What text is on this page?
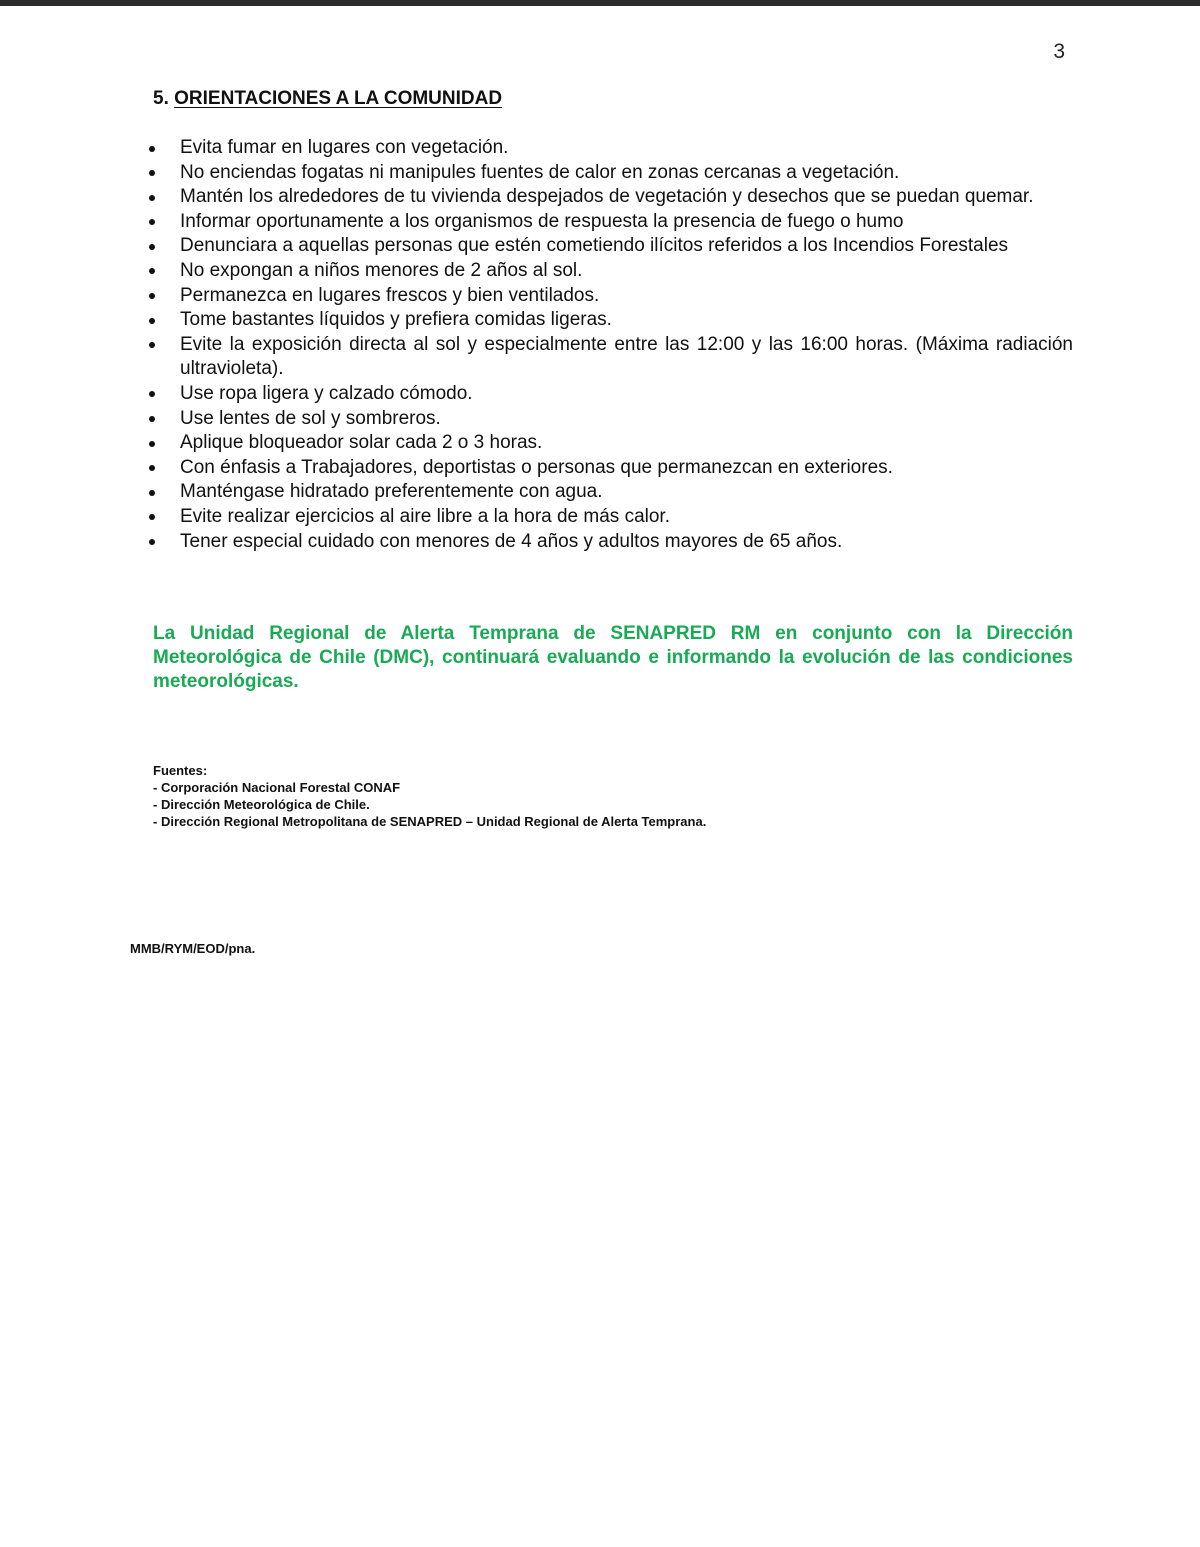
3
5. ORIENTACIONES A LA COMUNIDAD
Evita fumar en lugares con vegetación.
No enciendas fogatas ni manipules fuentes de calor en zonas cercanas a vegetación.
Mantén los alrededores de tu vivienda despejados de vegetación y desechos que se puedan quemar.
Informar oportunamente a los organismos de respuesta la presencia de fuego o humo
Denunciara a aquellas personas que estén cometiendo ilícitos referidos a los Incendios Forestales
No expongan a niños menores de 2 años al sol.
Permanezca en lugares frescos y bien ventilados.
Tome bastantes líquidos y prefiera comidas ligeras.
Evite la exposición directa al sol y especialmente entre las 12:00 y las 16:00 horas. (Máxima radiación ultravioleta).
Use ropa ligera y calzado cómodo.
Use lentes de sol y sombreros.
Aplique bloqueador solar cada 2 o 3 horas.
Con énfasis a Trabajadores, deportistas o personas que permanezcan en exteriores.
Manténgase hidratado preferentemente con agua.
Evite realizar ejercicios al aire libre a la hora de más calor.
Tener especial cuidado con menores de 4 años y adultos mayores de 65 años.

La Unidad Regional de Alerta Temprana de SENAPRED RM en conjunto con la Dirección Meteorológica de Chile (DMC), continuará evaluando e informando la evolución de las condiciones meteorológicas.

Fuentes:
- Corporación Nacional Forestal CONAF
- Dirección Meteorológica de Chile.
- Dirección Regional Metropolitana de SENAPRED – Unidad Regional de Alerta Temprana.
MMB/RYM/EOD/pna.
